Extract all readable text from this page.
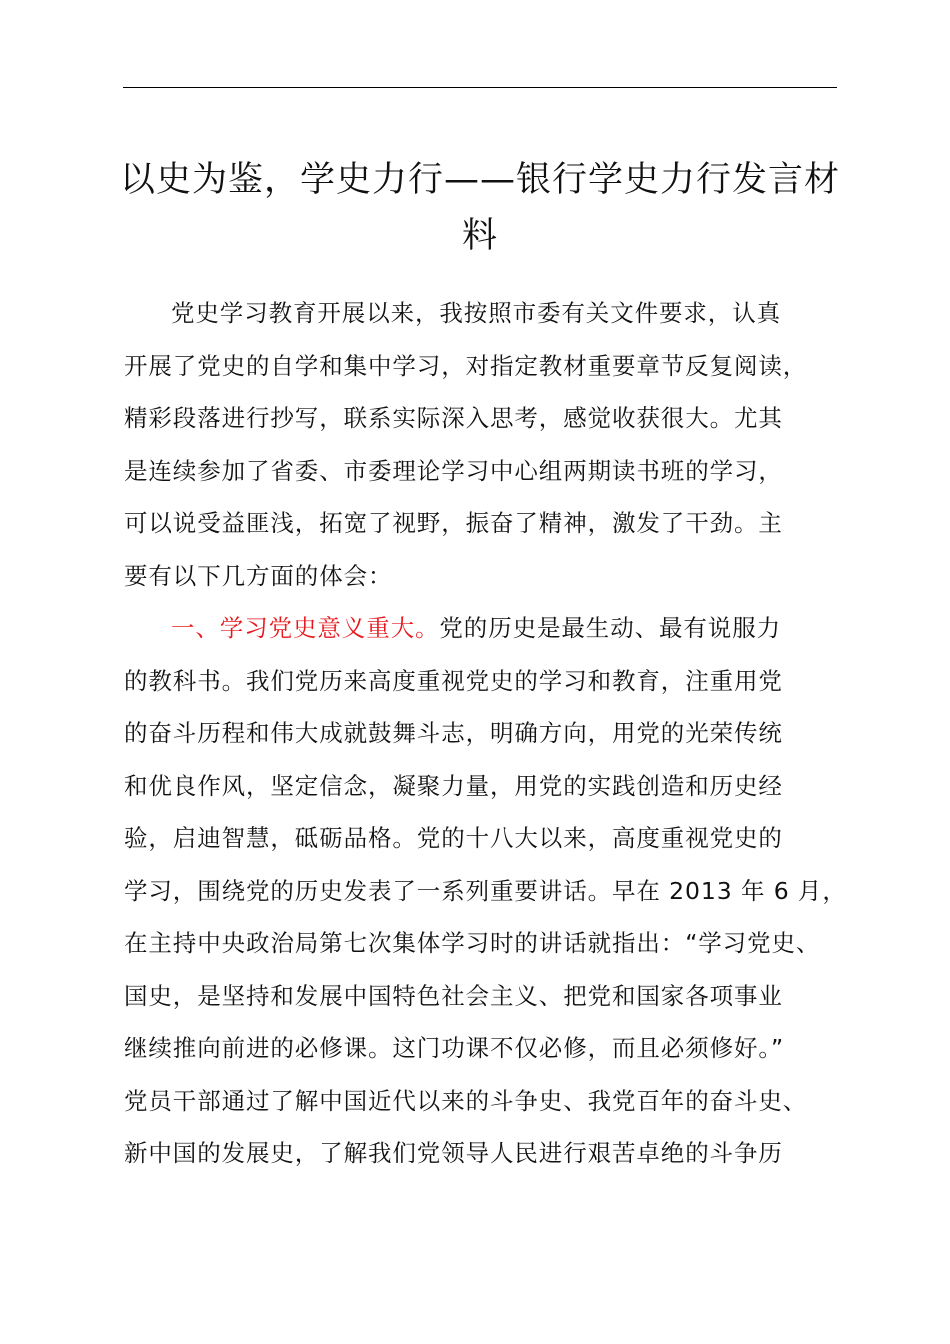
以史为鉴，学史力行——银行学史力行发言材
料
党史学习教育开展以来，我按照市委有关文件要求，认真
开展了党史的自学和集中学习，对指定教材重要章节反复阅读，
精彩段落进行抄写，联系实际深入思考，感觉收获很大。尤其
是连续参加了省委、市委理论学习中心组两期读书班的学习，
可以说受益匪浅，拓宽了视野，振奋了精神，激发了干劲。主
要有以下几方面的体会：
一、学习党史意义重大。党的历史是最生动、最有说服力
的教科书。我们党历来高度重视党史的学习和教育，注重用党
的奋斗历程和伟大成就鼓舞斗志，明确方向，用党的光荣传统
和优良作风，坚定信念，凝聚力量，用党的实践创造和历史经
验，启迪智慧，砥砺品格。党的十八大以来，高度重视党史的
学习，围绕党的历史发表了一系列重要讲话。早在 2013 年 6 月，
在主持中央政治局第七次集体学习时的讲话就指出：“学习党史、
国史，是坚持和发展中国特色社会主义、把党和国家各项事业
继续推向前进的必修课。这门功课不仅必修，而且必须修好。”
党员干部通过了解中国近代以来的斗争史、我党百年的奋斗史、
新中国的发展史，了解我们党领导人民进行艰苦卓绝的斗争历
